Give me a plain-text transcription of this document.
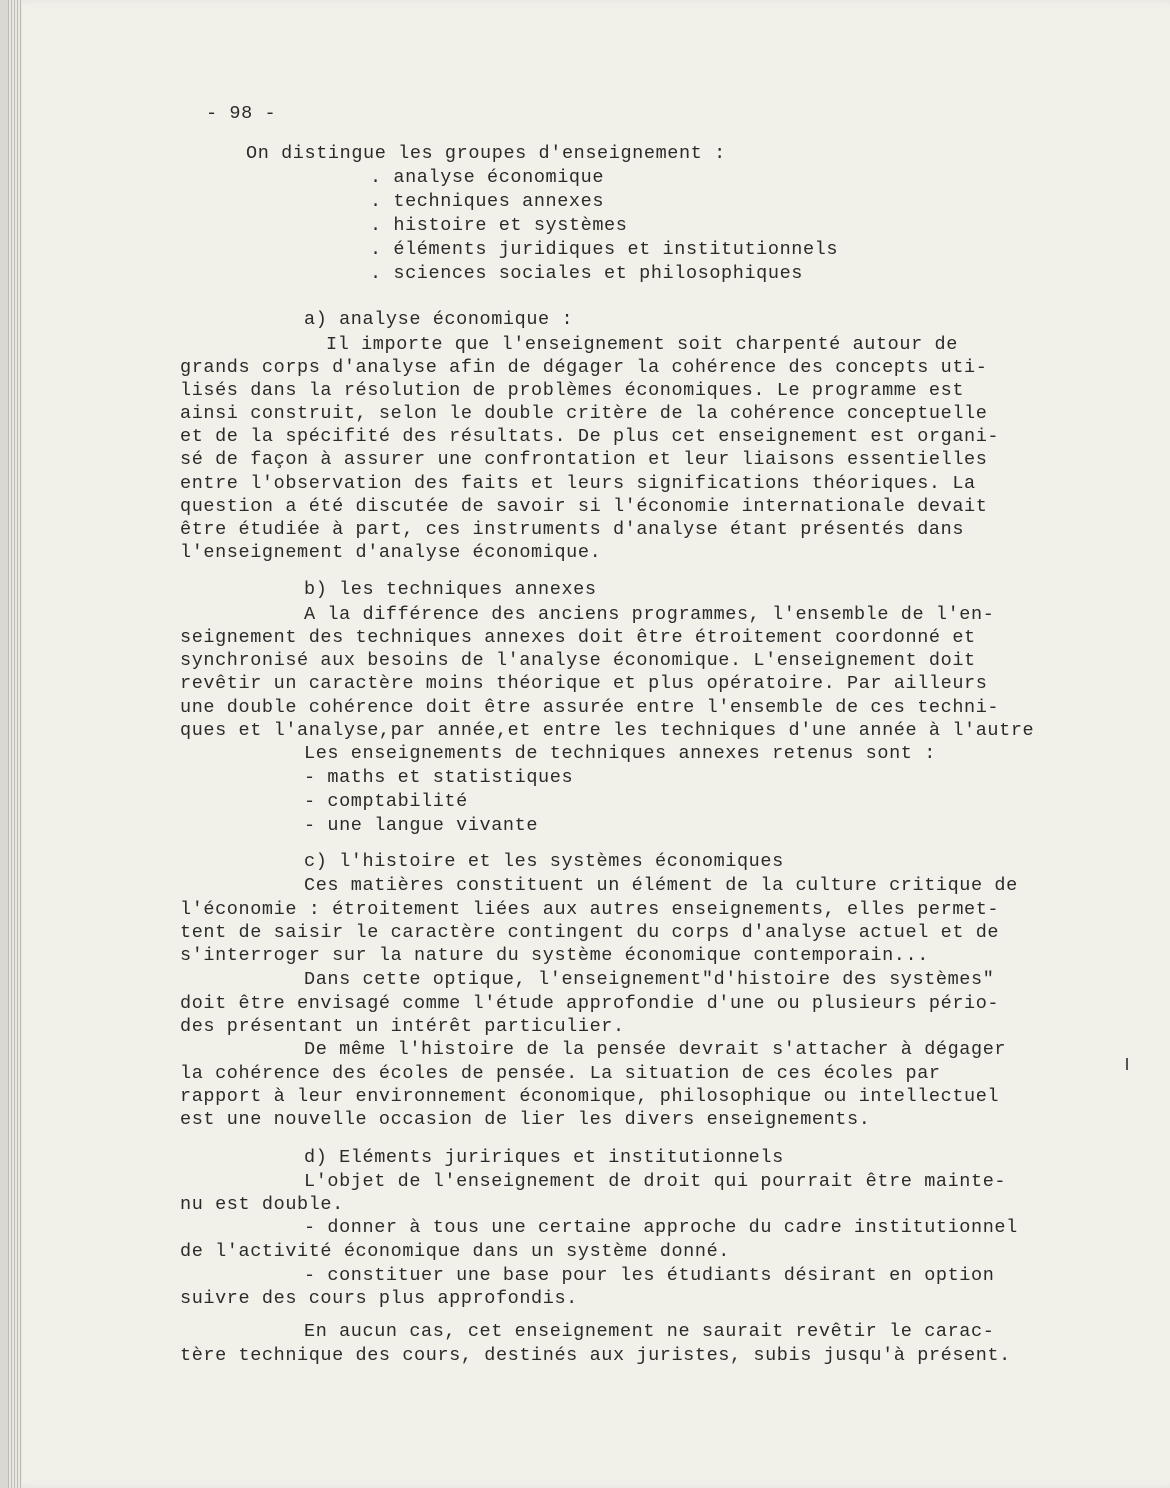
- 98 -
On distingue les groupes d'enseignement :
. analyse économique
. techniques annexes
. histoire et systèmes
. éléments juridiques et institutionnels
. sciences sociales et philosophiques
a) analyse économique :
Il importe que l'enseignement soit charpenté autour de
grands corps d'analyse afin de dégager la cohérence des concepts uti-
lisés dans la résolution de problèmes économiques. Le programme est
ainsi construit, selon le double critère de la cohérence conceptuelle
et de la spécifité des résultats. De plus cet enseignement est organi-
sé de façon à assurer une confrontation et leur liaisons essentielles
entre l'observation des faits et leurs significations théoriques. La
question a été discutée de savoir si l'économie internationale devait
être étudiée à part, ces instruments d'analyse étant présentés dans
l'enseignement d'analyse économique.
b) les techniques annexes
A la différence des anciens programmes, l'ensemble de l'en-
seignement des techniques annexes doit être étroitement coordonné et
synchronisé aux besoins de l'analyse économique. L'enseignement doit
revêtir un caractère moins théorique et plus opératoire. Par ailleurs
une double cohérence doit être assurée entre l'ensemble de ces techni-
ques et l'analyse,par année,et entre les techniques d'une année à l'autre
Les enseignements de techniques annexes retenus sont :
- maths et statistiques
- comptabilité
- une langue vivante
c) l'histoire et les systèmes économiques
Ces matières constituent un élément de la culture critique de
l'économie : étroitement liées aux autres enseignements, elles permet-
tent de saisir le caractère contingent du corps d'analyse actuel et de
s'interroger sur la nature du système économique contemporain...
Dans cette optique, l'enseignement"d'histoire des systèmes"
doit être envisagé comme l'étude approfondie d'une ou plusieurs pério-
des présentant un intérêt particulier.
De même l'histoire de la pensée devrait s'attacher à dégager
la cohérence des écoles de pensée. La situation de ces écoles par
rapport à leur environnement économique, philosophique ou intellectuel
est une nouvelle occasion de lier les divers enseignements.
d) Eléments juririques et institutionnels
L'objet de l'enseignement de droit qui pourrait être mainte-
nu est double.
- donner à tous une certaine approche du cadre institutionnel
de l'activité économique dans un système donné.
- constituer une base pour les étudiants désirant en option
suivre des cours plus approfondis.
En aucun cas, cet enseignement ne saurait revêtir le carac-
tère technique des cours, destinés aux juristes, subis jusqu'à présent.
